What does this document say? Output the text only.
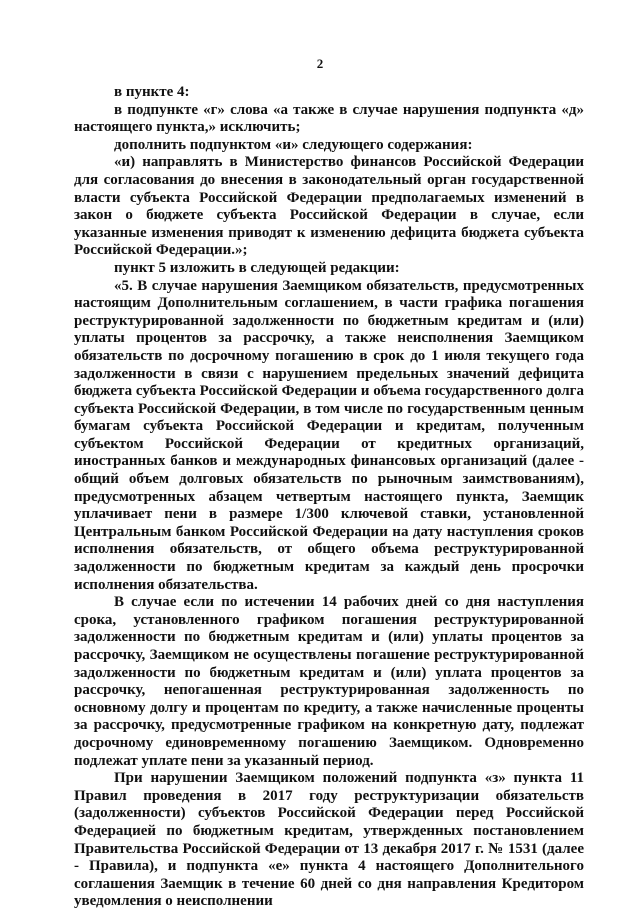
2

в пункте 4:

в подпункте «г» слова «а также в случае нарушения подпункта «д» настоящего пункта,» исключить;

дополнить подпунктом «и» следующего содержания:

«и) направлять в Министерство финансов Российской Федерации для согласования до внесения в законодательный орган государственной власти субъекта Российской Федерации предполагаемых изменений в закон о бюджете субъекта Российской Федерации в случае, если указанные изменения приводят к изменению дефицита бюджета субъекта Российской Федерации.»;

пункт 5 изложить в следующей редакции:

«5. В случае нарушения Заемщиком обязательств, предусмотренных настоящим Дополнительным соглашением, в части графика погашения реструктурированной задолженности по бюджетным кредитам и (или) уплаты процентов за рассрочку, а также неисполнения Заемщиком обязательств по досрочному погашению в срок до 1 июля текущего года задолженности в связи с нарушением предельных значений дефицита бюджета субъекта Российской Федерации и объема государственного долга субъекта Российской Федерации, в том числе по государственным ценным бумагам субъекта Российской Федерации и кредитам, полученным субъектом Российской Федерации от кредитных организаций, иностранных банков и международных финансовых организаций (далее - общий объем долговых обязательств по рыночным заимствованиям), предусмотренных абзацем четвертым настоящего пункта, Заемщик уплачивает пени в размере 1/300 ключевой ставки, установленной Центральным банком Российской Федерации на дату наступления сроков исполнения обязательств, от общего объема реструктурированной задолженности по бюджетным кредитам за каждый день просрочки исполнения обязательства.

В случае если по истечении 14 рабочих дней со дня наступления срока, установленного графиком погашения реструктурированной задолженности по бюджетным кредитам и (или) уплаты процентов за рассрочку, Заемщиком не осуществлены погашение реструктурированной задолженности по бюджетным кредитам и (или) уплата процентов за рассрочку, непогашенная реструктурированная задолженность по основному долгу и процентам по кредиту, а также начисленные проценты за рассрочку, предусмотренные графиком на конкретную дату, подлежат досрочному единовременному погашению Заемщиком. Одновременно подлежат уплате пени за указанный период.

При нарушении Заемщиком положений подпункта «з» пункта 11 Правил проведения в 2017 году реструктуризации обязательств (задолженности) субъектов Российской Федерации перед Российской Федерацией по бюджетным кредитам, утвержденных постановлением Правительства Российской Федерации от 13 декабря 2017 г. № 1531 (далее - Правила), и подпункта «е» пункта 4 настоящего Дополнительного соглашения Заемщик в течение 60 дней со дня направления Кредитором уведомления о неисполнении
